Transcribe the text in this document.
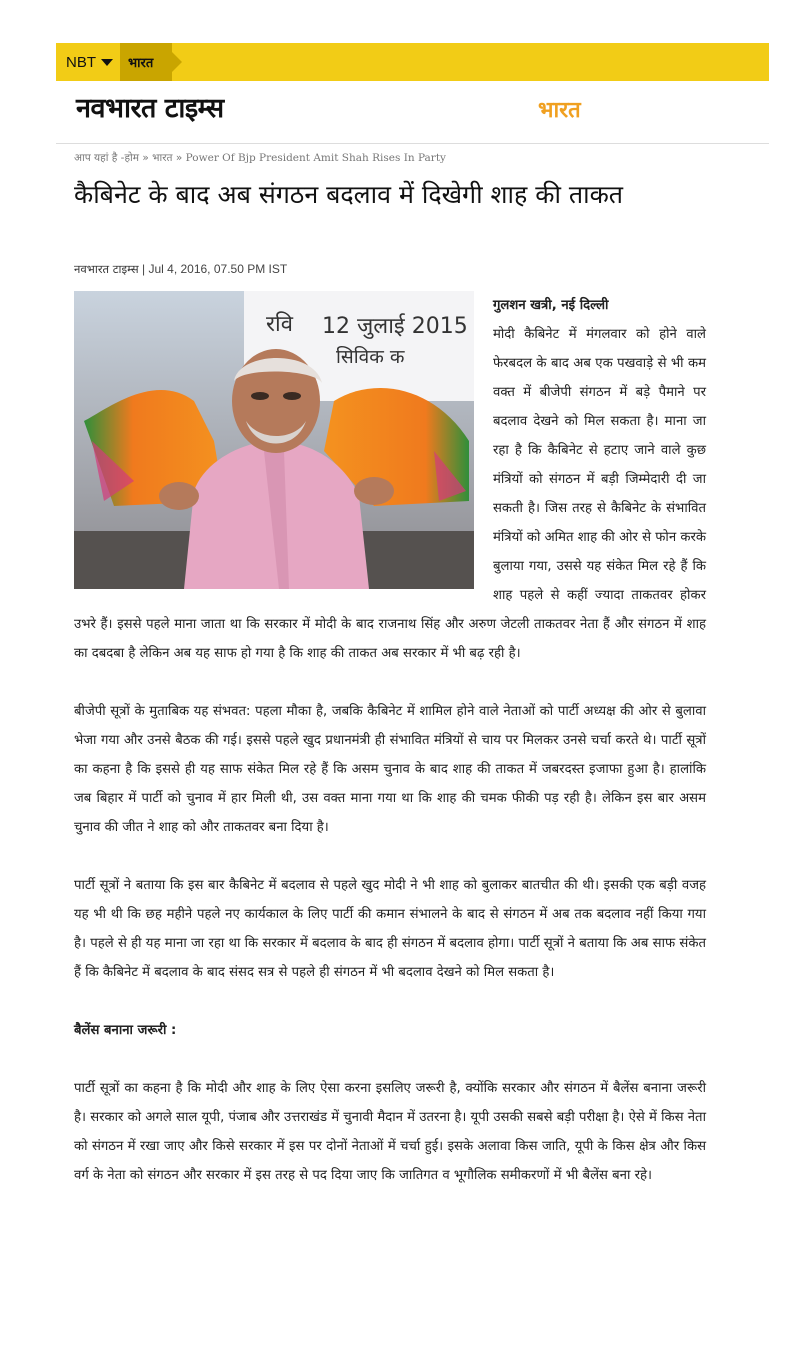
NBT	भारत
नवभारत टाइम्स	भारत
आप यहां है -होम » भारत » Power Of Bjp President Amit Shah Rises In Party
कैबिनेट के बाद अब संगठन बदलाव में दिखेगी शाह की ताकत
नवभारत टाइम्स | Jul 4, 2016, 07.50 PM IST
रवि 12 जुलाई 2015
सिविक क

गुलशन खत्री, नई दिल्ली
मोदी कैबिनेट में मंगलवार को होने वाले फेरबदल के बाद अब एक पखवाड़े से भी कम वक्त में बीजेपी संगठन में बड़े पैमाने पर बदलाव देखने को मिल सकता है। माना जा रहा है कि कैबिनेट से हटाए जाने वाले कुछ मंत्रियों को संगठन में बड़ी जिम्मेदारी दी जा सकती है। जिस तरह से कैबिनेट के संभावित मंत्रियों को अमित शाह की ओर से फोन करके बुलाया गया, उससे यह संकेत मिल रहे हैं कि शाह पहले से कहीं ज्यादा ताकतवर होकर उभरे हैं। इससे पहले माना जाता था कि सरकार में मोदी के बाद राजनाथ सिंह और अरुण जेटली ताकतवर नेता हैं और संगठन में शाह का दबदबा है लेकिन अब यह साफ हो गया है कि शाह की ताकत अब सरकार में भी बढ़ रही है।

बीजेपी सूत्रों के मुताबिक यह संभवत: पहला मौका है, जबकि कैबिनेट में शामिल होने वाले नेताओं को पार्टी अध्यक्ष की ओर से बुलावा भेजा गया और उनसे बैठक की गई। इससे पहले खुद प्रधानमंत्री ही संभावित मंत्रियों से चाय पर मिलकर उनसे चर्चा करते थे। पार्टी सूत्रों का कहना है कि इससे ही यह साफ संकेत मिल रहे हैं कि असम चुनाव के बाद शाह की ताकत में जबरदस्त इजाफा हुआ है। हालांकि जब बिहार में पार्टी को चुनाव में हार मिली थी, उस वक्त माना गया था कि शाह की चमक फीकी पड़ रही है। लेकिन इस बार असम चुनाव की जीत ने शाह को और ताकतवर बना दिया है।

पार्टी सूत्रों ने बताया कि इस बार कैबिनेट में बदलाव से पहले खुद मोदी ने भी शाह को बुलाकर बातचीत की थी। इसकी एक बड़ी वजह यह भी थी कि छह महीने पहले नए कार्यकाल के लिए पार्टी की कमान संभालने के बाद से संगठन में अब तक बदलाव नहीं किया गया है। पहले से ही यह माना जा रहा था कि सरकार में बदलाव के बाद ही संगठन में बदलाव होगा। पार्टी सूत्रों ने बताया कि अब साफ संकेत हैं कि कैबिनेट में बदलाव के बाद संसद सत्र से पहले ही संगठन में भी बदलाव देखने को मिल सकता है।

बैलेंस बनाना जरूरी :

पार्टी सूत्रों का कहना है कि मोदी और शाह के लिए ऐसा करना इसलिए जरूरी है, क्योंकि सरकार और संगठन में बैलेंस बनाना जरूरी है। सरकार को अगले साल यूपी, पंजाब और उत्तराखंड में चुनावी मैदान में उतरना है। यूपी उसकी सबसे बड़ी परीक्षा है। ऐसे में किस नेता को संगठन में रखा जाए और किसे सरकार में इस पर दोनों नेताओं में चर्चा हुई। इसके अलावा किस जाति, यूपी के किस क्षेत्र और किस वर्ग के नेता को संगठन और सरकार में इस तरह से पद दिया जाए कि जातिगत व भूगौलिक समीकरणों में भी बैलेंस बना रहे।
